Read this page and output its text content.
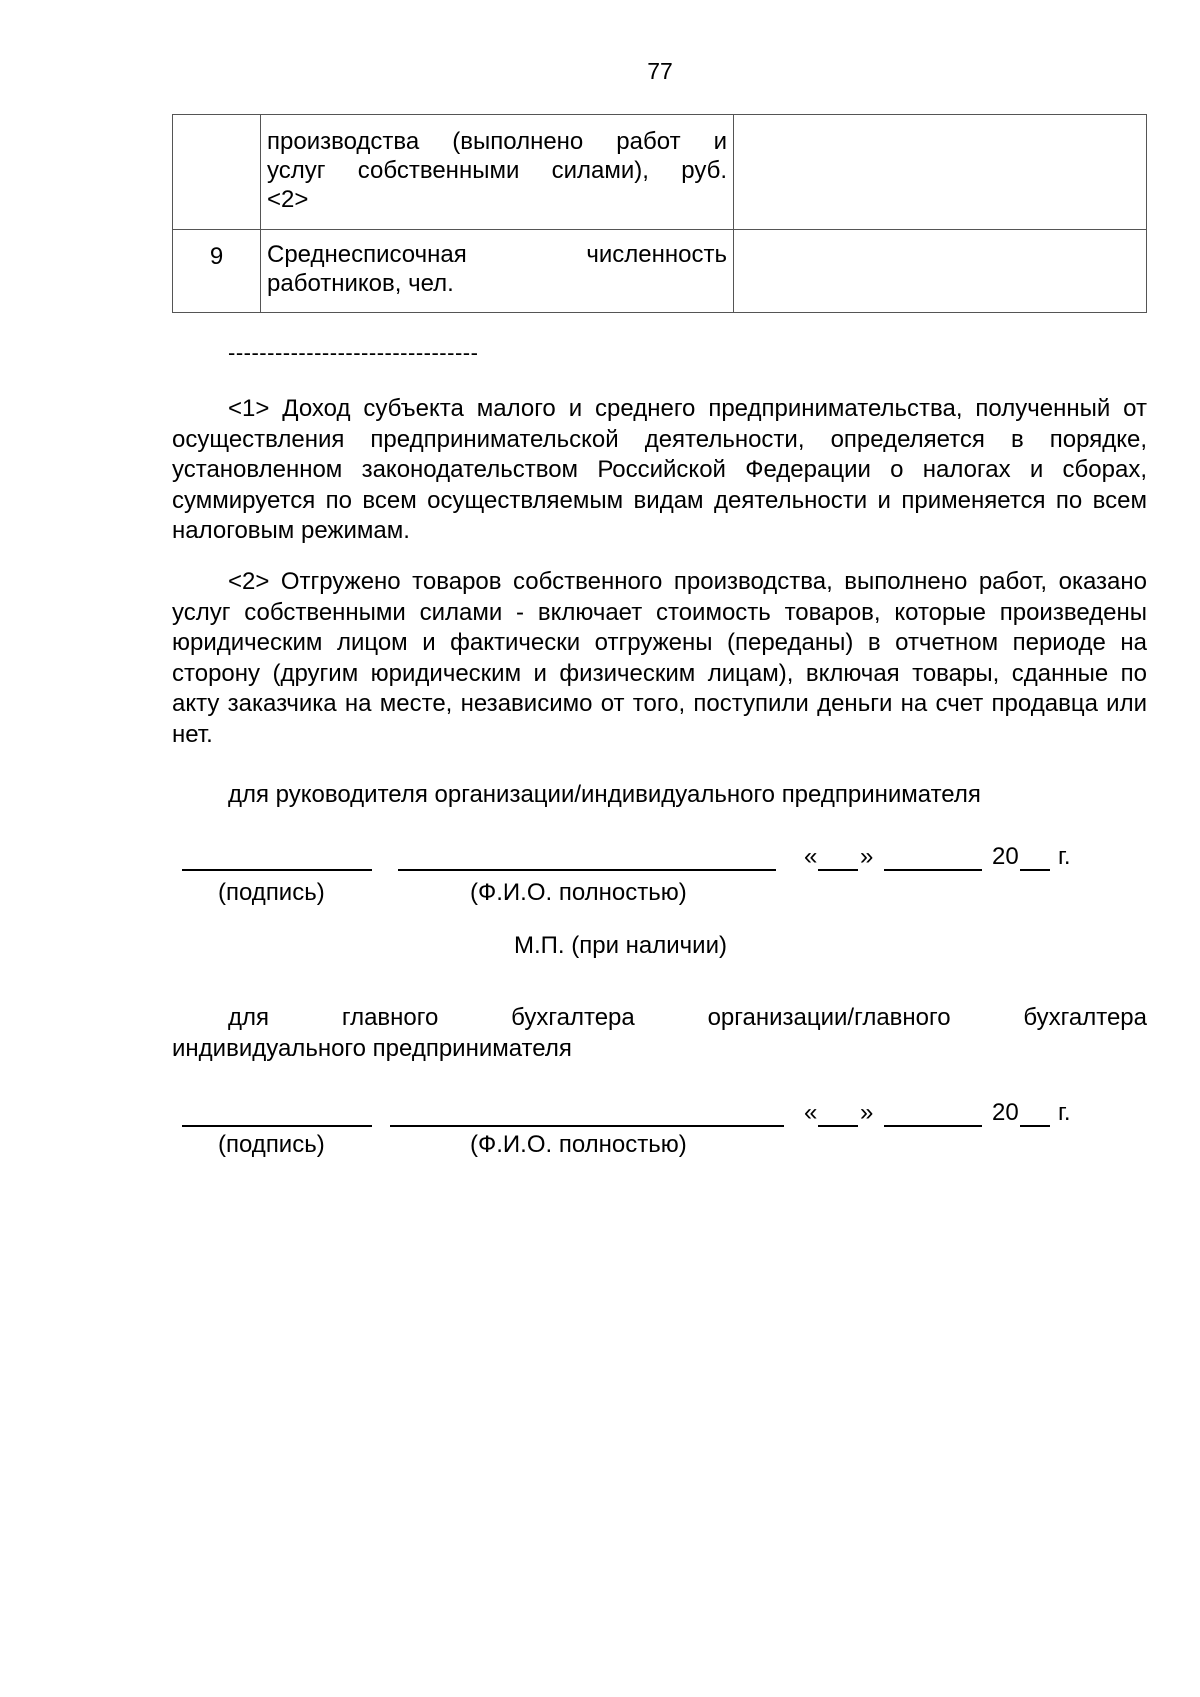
77

	производства (выполнено работ и
услуг собственными силами), руб.
<2>	

9	Среднесписочная численность
работников, чел.	

--------------------------------

<1> Доход субъекта малого и среднего предпринимательства, полученный от осуществления предпринимательской деятельности, определяется в порядке, установленном законодательством Российской Федерации о налогах и сборах, суммируется по всем осуществляемым видам деятельности и применяется по всем налоговым режимам.

<2> Отгружено товаров собственного производства, выполнено работ, оказано услуг собственными силами - включает стоимость товаров, которые произведены юридическим лицом и фактически отгружены (переданы) в отчетном периоде на сторону (другим юридическим и физическим лицам), включая товары, сданные по акту заказчика на месте, независимо от того, поступили деньги на счет продавца или нет.

для руководителя организации/индивидуального предпринимателя

« »	20 г.
(подпись)	(Ф.И.О. полностью)
М.П. (при наличии)

для главного бухгалтера организации/главного бухгалтера
индивидуального предпринимателя

« »	20 г.
(подпись)	(Ф.И.О. полностью)
